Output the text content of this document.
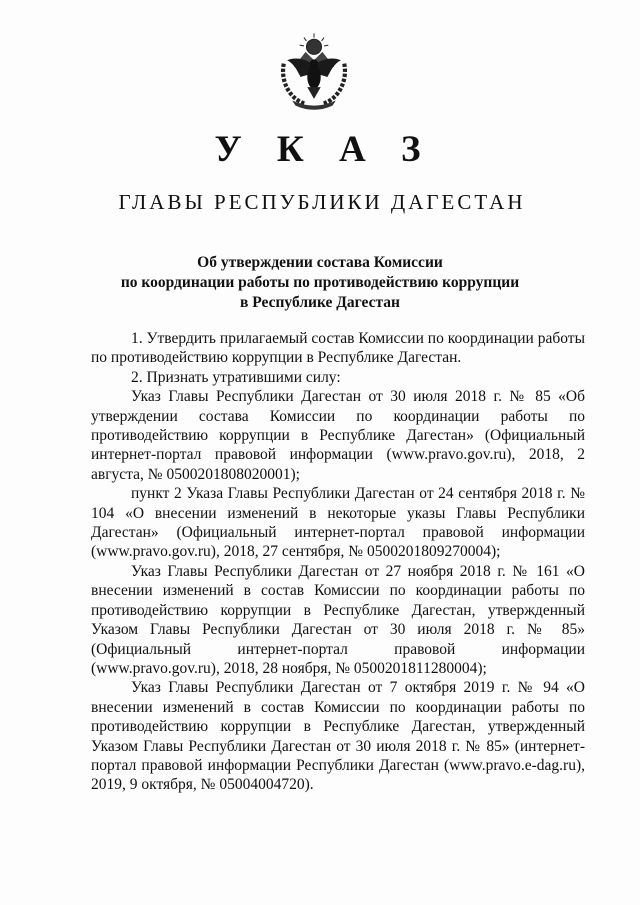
У К А З
ГЛАВЫ РЕСПУБЛИКИ ДАГЕСТАН
Об утверждении состава Комиссии
по координации работы по противодействию коррупции
в Республике Дагестан

1. Утвердить прилагаемый состав Комиссии по координации работы по противодействию коррупции в Республике Дагестан.

2. Признать утратившими силу:

Указ Главы Республики Дагестан от 30 июля 2018 г. № 85 «Об утверждении состава Комиссии по координации работы по противодействию коррупции в Республике Дагестан» (Официальный интернет-портал правовой информации (www.pravo.gov.ru), 2018, 2 августа, № 0500201808020001);

пункт 2 Указа Главы Республики Дагестан от 24 сентября 2018 г. № 104 «О внесении изменений в некоторые указы Главы Республики Дагестан» (Официальный интернет-портал правовой информации (www.pravo.gov.ru), 2018, 27 сентября, № 0500201809270004);

Указ Главы Республики Дагестан от 27 ноября 2018 г. № 161 «О внесении изменений в состав Комиссии по координации работы по противодействию коррупции в Республике Дагестан, утвержденный Указом Главы Республики Дагестан от 30 июля 2018 г. № 85» (Официальный интернет-портал правовой информации (www.pravo.gov.ru), 2018, 28 ноября, № 0500201811280004);

Указ Главы Республики Дагестан от 7 октября 2019 г. № 94 «О внесении изменений в состав Комиссии по координации работы по противодействию коррупции в Республике Дагестан, утвержденный Указом Главы Республики Дагестан от 30 июля 2018 г. № 85» (интернет-портал правовой информации Республики Дагестан (www.pravo.e-dag.ru), 2019, 9 октября, № 05004004720).
